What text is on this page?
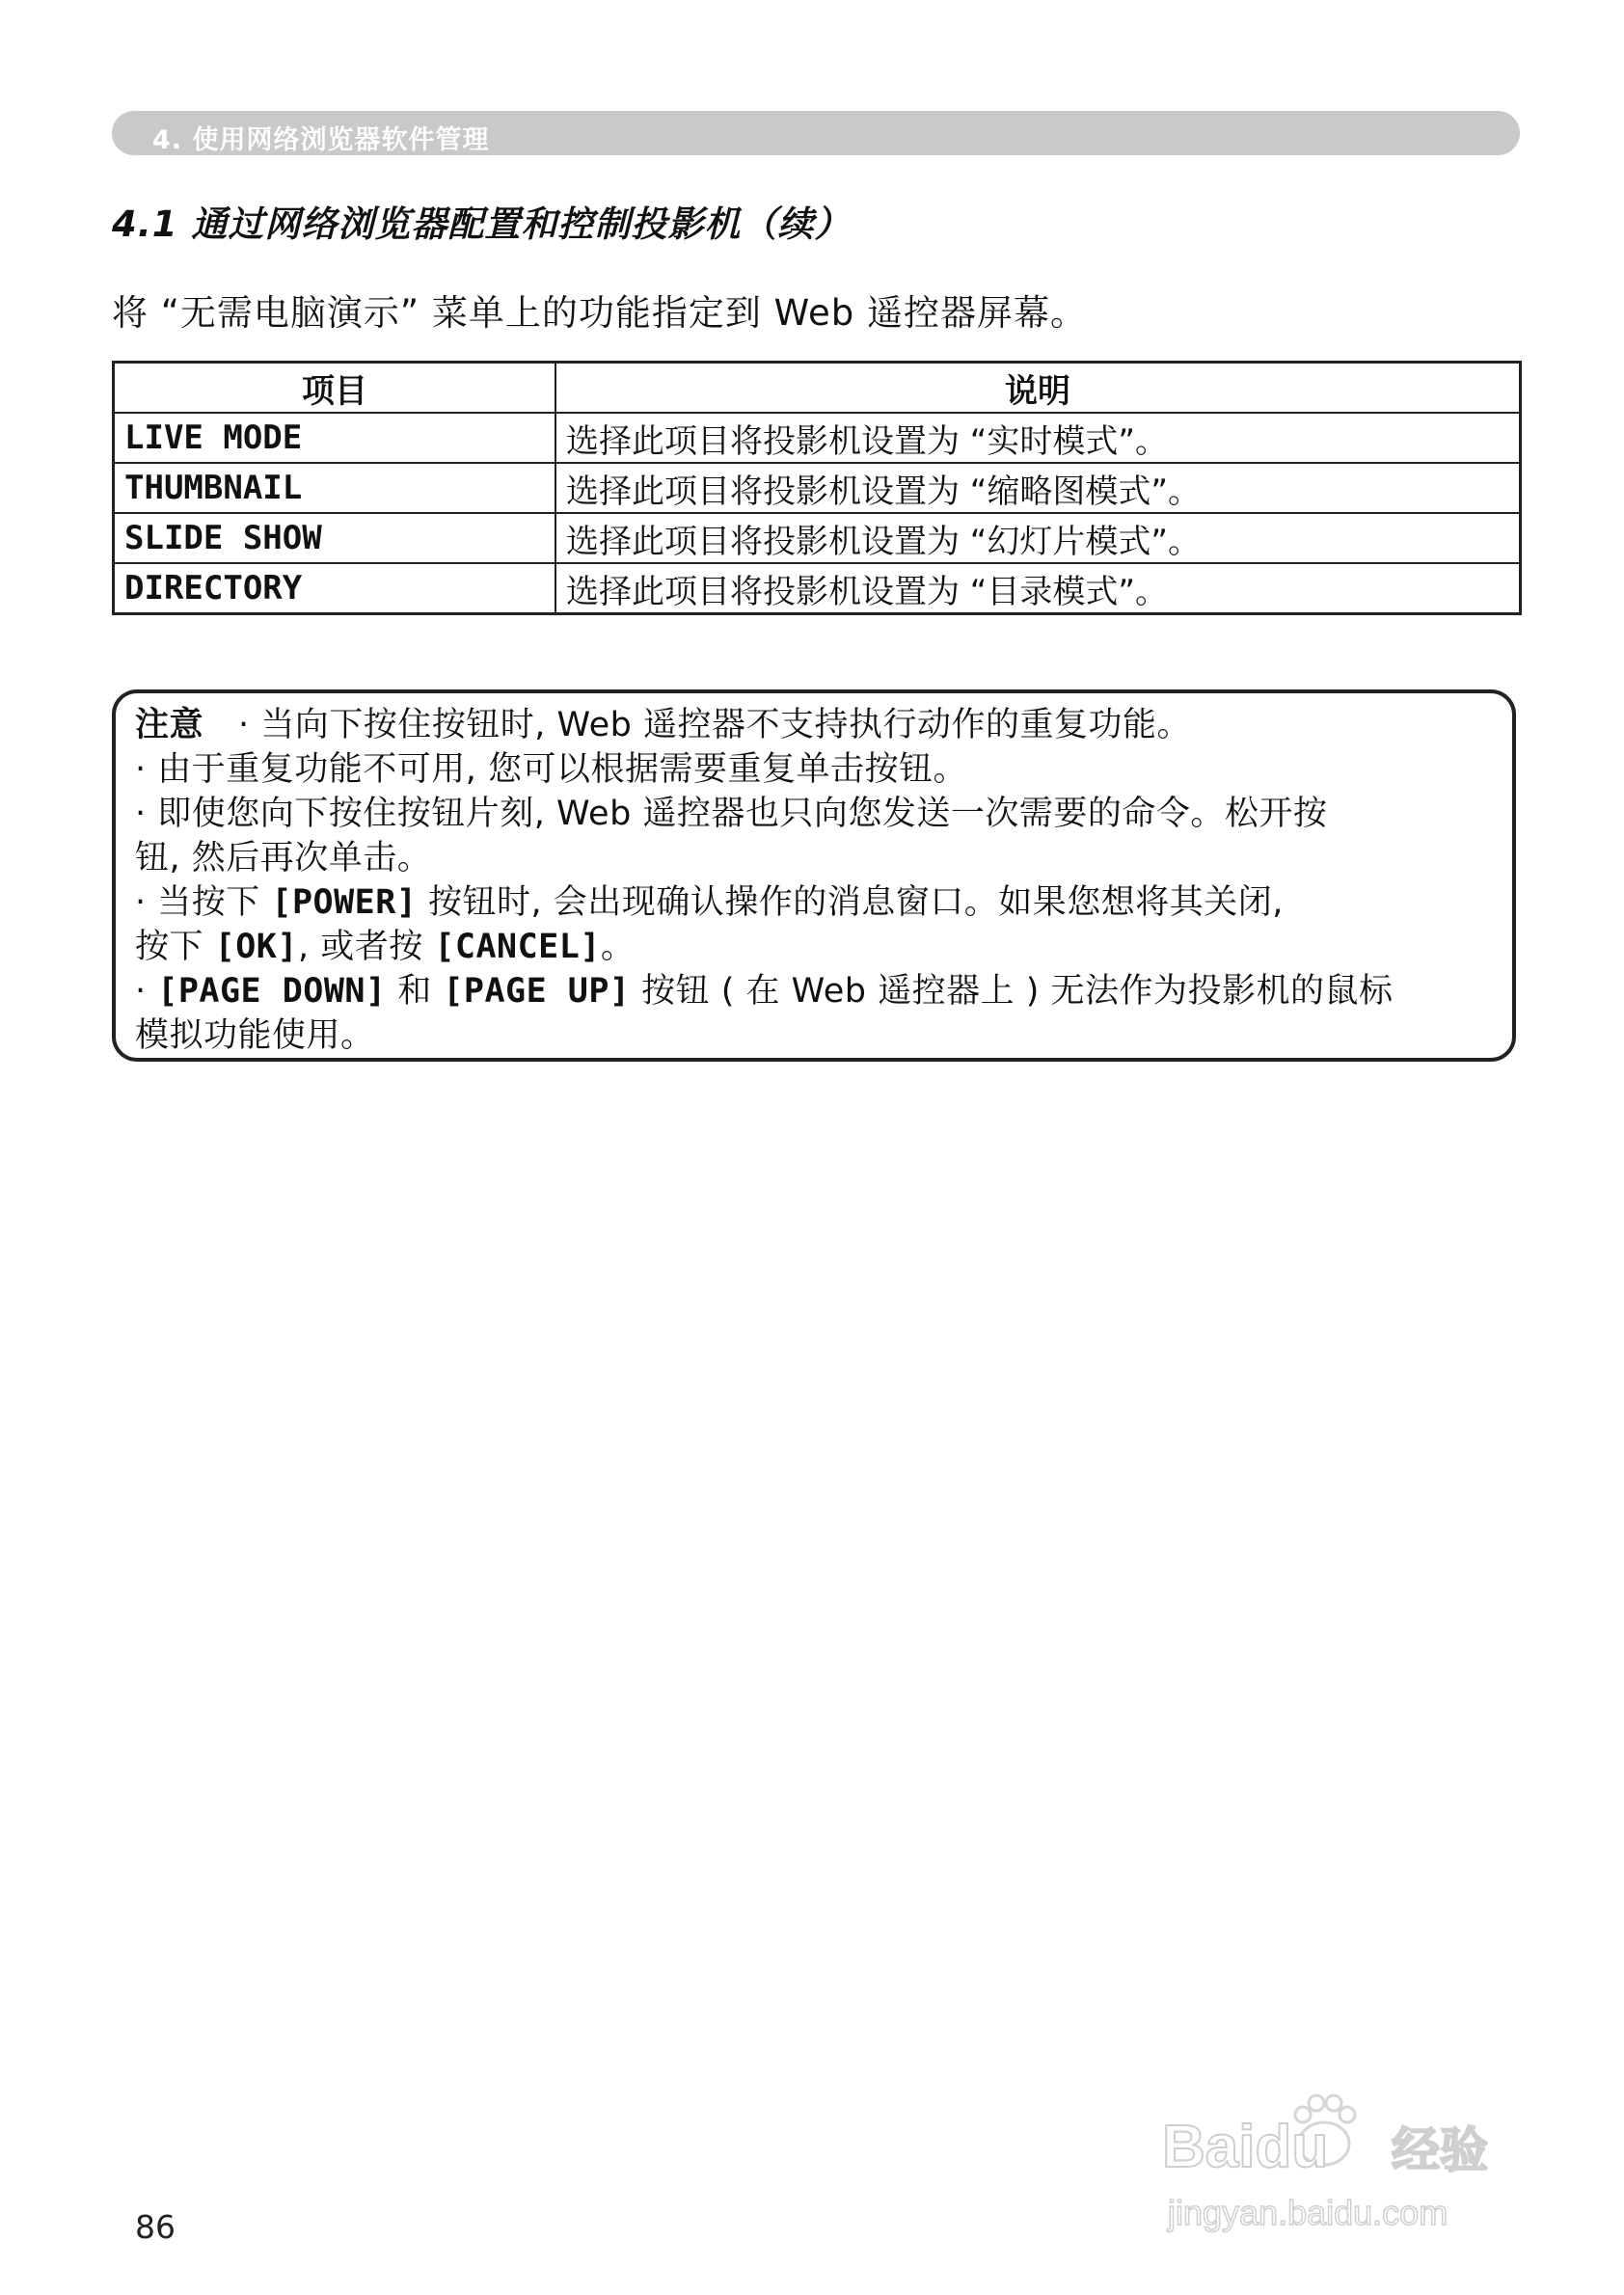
4. 使用网络浏览器软件管理
4.1 通过网络浏览器配置和控制投影机（续）
将 “无需电脑演示” 菜单上的功能指定到 Web 遥控器屏幕。
项目	说明
LIVE MODE	选择此项目将投影机设置为 “实时模式”。
THUMBNAIL	选择此项目将投影机设置为 “缩略图模式”。
SLIDE SHOW	选择此项目将投影机设置为 “幻灯片模式”。
DIRECTORY	选择此项目将投影机设置为 “目录模式”。
注意 · 当向下按住按钮时, Web 遥控器不支持执行动作的重复功能。
· 由于重复功能不可用, 您可以根据需要重复单击按钮。
· 即使您向下按住按钮片刻, Web 遥控器也只向您发送一次需要的命令。松开按
钮, 然后再次单击。
· 当按下 [POWER] 按钮时, 会出现确认操作的消息窗口。如果您想将其关闭,
按下 [OK], 或者按 [CANCEL]。
· [PAGE DOWN] 和 [PAGE UP] 按钮 ( 在 Web 遥控器上 ) 无法作为投影机的鼠标
模拟功能使用。
86
Baidu 经验
jingyan.baidu.com
